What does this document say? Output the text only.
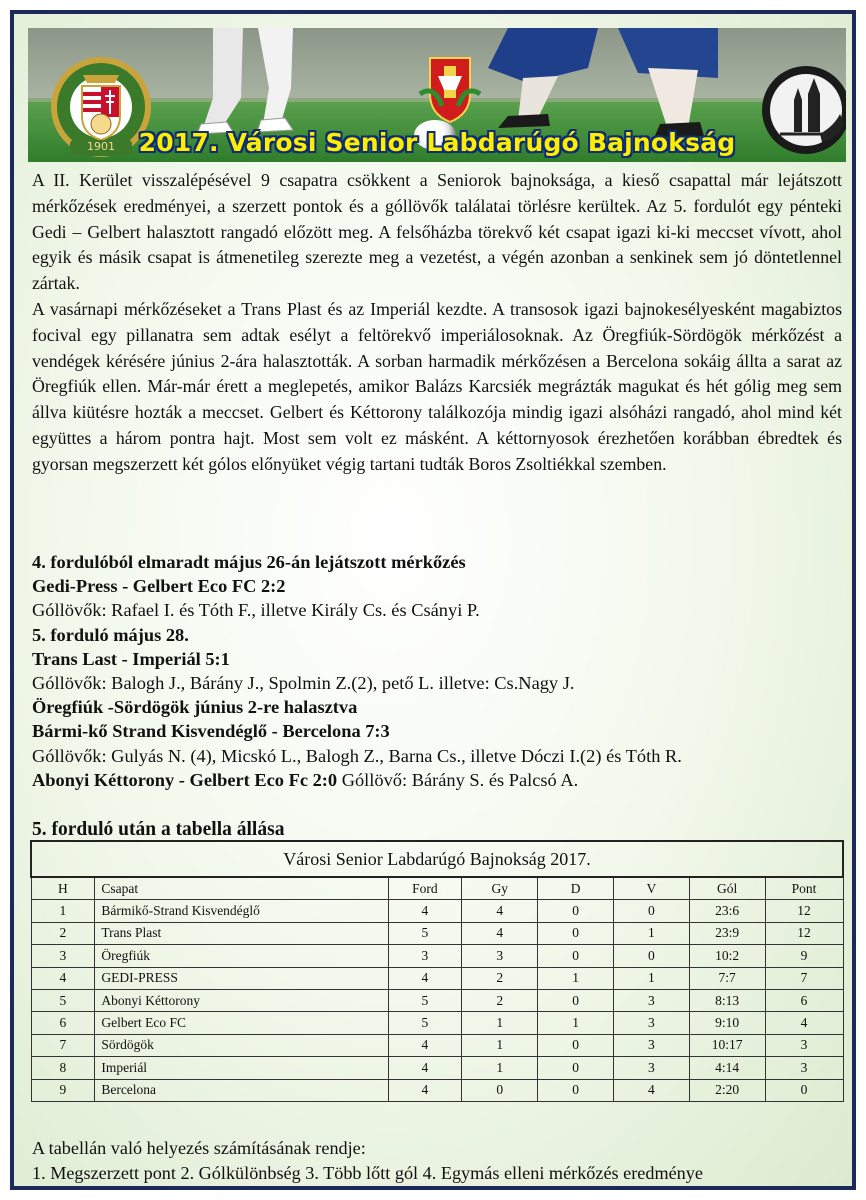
1901 2017. Városi Senior Labdarúgó Bajnokság

A II. Kerület visszalépésével 9 csapatra csökkent a Seniorok bajnoksága, a kieső csapattal már lejátszott mérkőzések eredményei, a szerzett pontok és a góllövők találatai törlésre kerültek. Az 5. fordulót egy pénteki Gedi – Gelbert halasztott rangadó előzött meg. A felsőházba törekvő két csapat igazi ki-ki meccset vívott, ahol egyik és másik csapat is átmenetileg szerezte meg a vezetést, a végén azonban a senkinek sem jó döntetlennel zártak.

A vasárnapi mérkőzéseket a Trans Plast és az Imperiál kezdte. A transosok igazi bajnokesélyesként magabiztos focival egy pillanatra sem adtak esélyt a feltörekvő imperiálosoknak. Az Öregfiúk-Sördögök mérkőzést a vendégek kérésére június 2-ára halasztották. A sorban harmadik mérkőzésen a Bercelona sokáig állta a sarat az Öregfiúk ellen. Már-már érett a meglepetés, amikor Balázs Karcsiék megrázták magukat és hét gólig meg sem állva kiütésre hozták a meccset. Gelbert és Kéttorony találkozója mindig igazi alsóházi rangadó, ahol mind két együttes a három pontra hajt. Most sem volt ez másként. A kéttornyosok érezhetően korábban ébredtek és gyorsan megszerzett két gólos előnyüket végig tartani tudták Boros Zsoltiékkal szemben.

4. fordulóból elmaradt május 26-án lejátszott mérkőzés
Gedi-Press - Gelbert Eco FC 2:2
Góllövők: Rafael I. és Tóth F., illetve Király Cs. és Csányi P.
5. forduló május 28.
Trans Last - Imperiál 5:1
Góllövők: Balogh J., Bárány J., Spolmin Z.(2), pető L. illetve: Cs.Nagy J.
Öregfiúk -Sördögök június 2-re halasztva
Bármi-kő Strand Kisvendéglő - Bercelona 7:3
Góllövők: Gulyás N. (4), Micskó L., Balogh Z., Barna Cs., illetve Dóczi I.(2) és Tóth R.
Abonyi Kéttorony - Gelbert Eco Fc 2:0 Góllövő: Bárány S. és Palcsó A.
5. forduló után a tabella állása
Városi Senior Labdarúgó Bajnokság 2017.							
H	Csapat	Ford	Gy	D	V	Gól	Pont
1	Bármikő-Strand Kisvendéglő	4	4	0	0	23:6	12
2	Trans Plast	5	4	0	1	23:9	12
3	Öregfiúk	3	3	0	0	10:2	9
4	GEDI-PRESS	4	2	1	1	7:7	7
5	Abonyi Kéttorony	5	2	0	3	8:13	6
6	Gelbert Eco FC	5	1	1	3	9:10	4
7	Sördögök	4	1	0	3	10:17	3
8	Imperiál	4	1	0	3	4:14	3
9	Bercelona	4	0	0	4	2:20	0
A tabellán való helyezés számításának rendje:
1. Megszerzett pont 2. Gólkülönbség 3. Több lőtt gól 4. Egymás elleni mérkőzés eredménye
